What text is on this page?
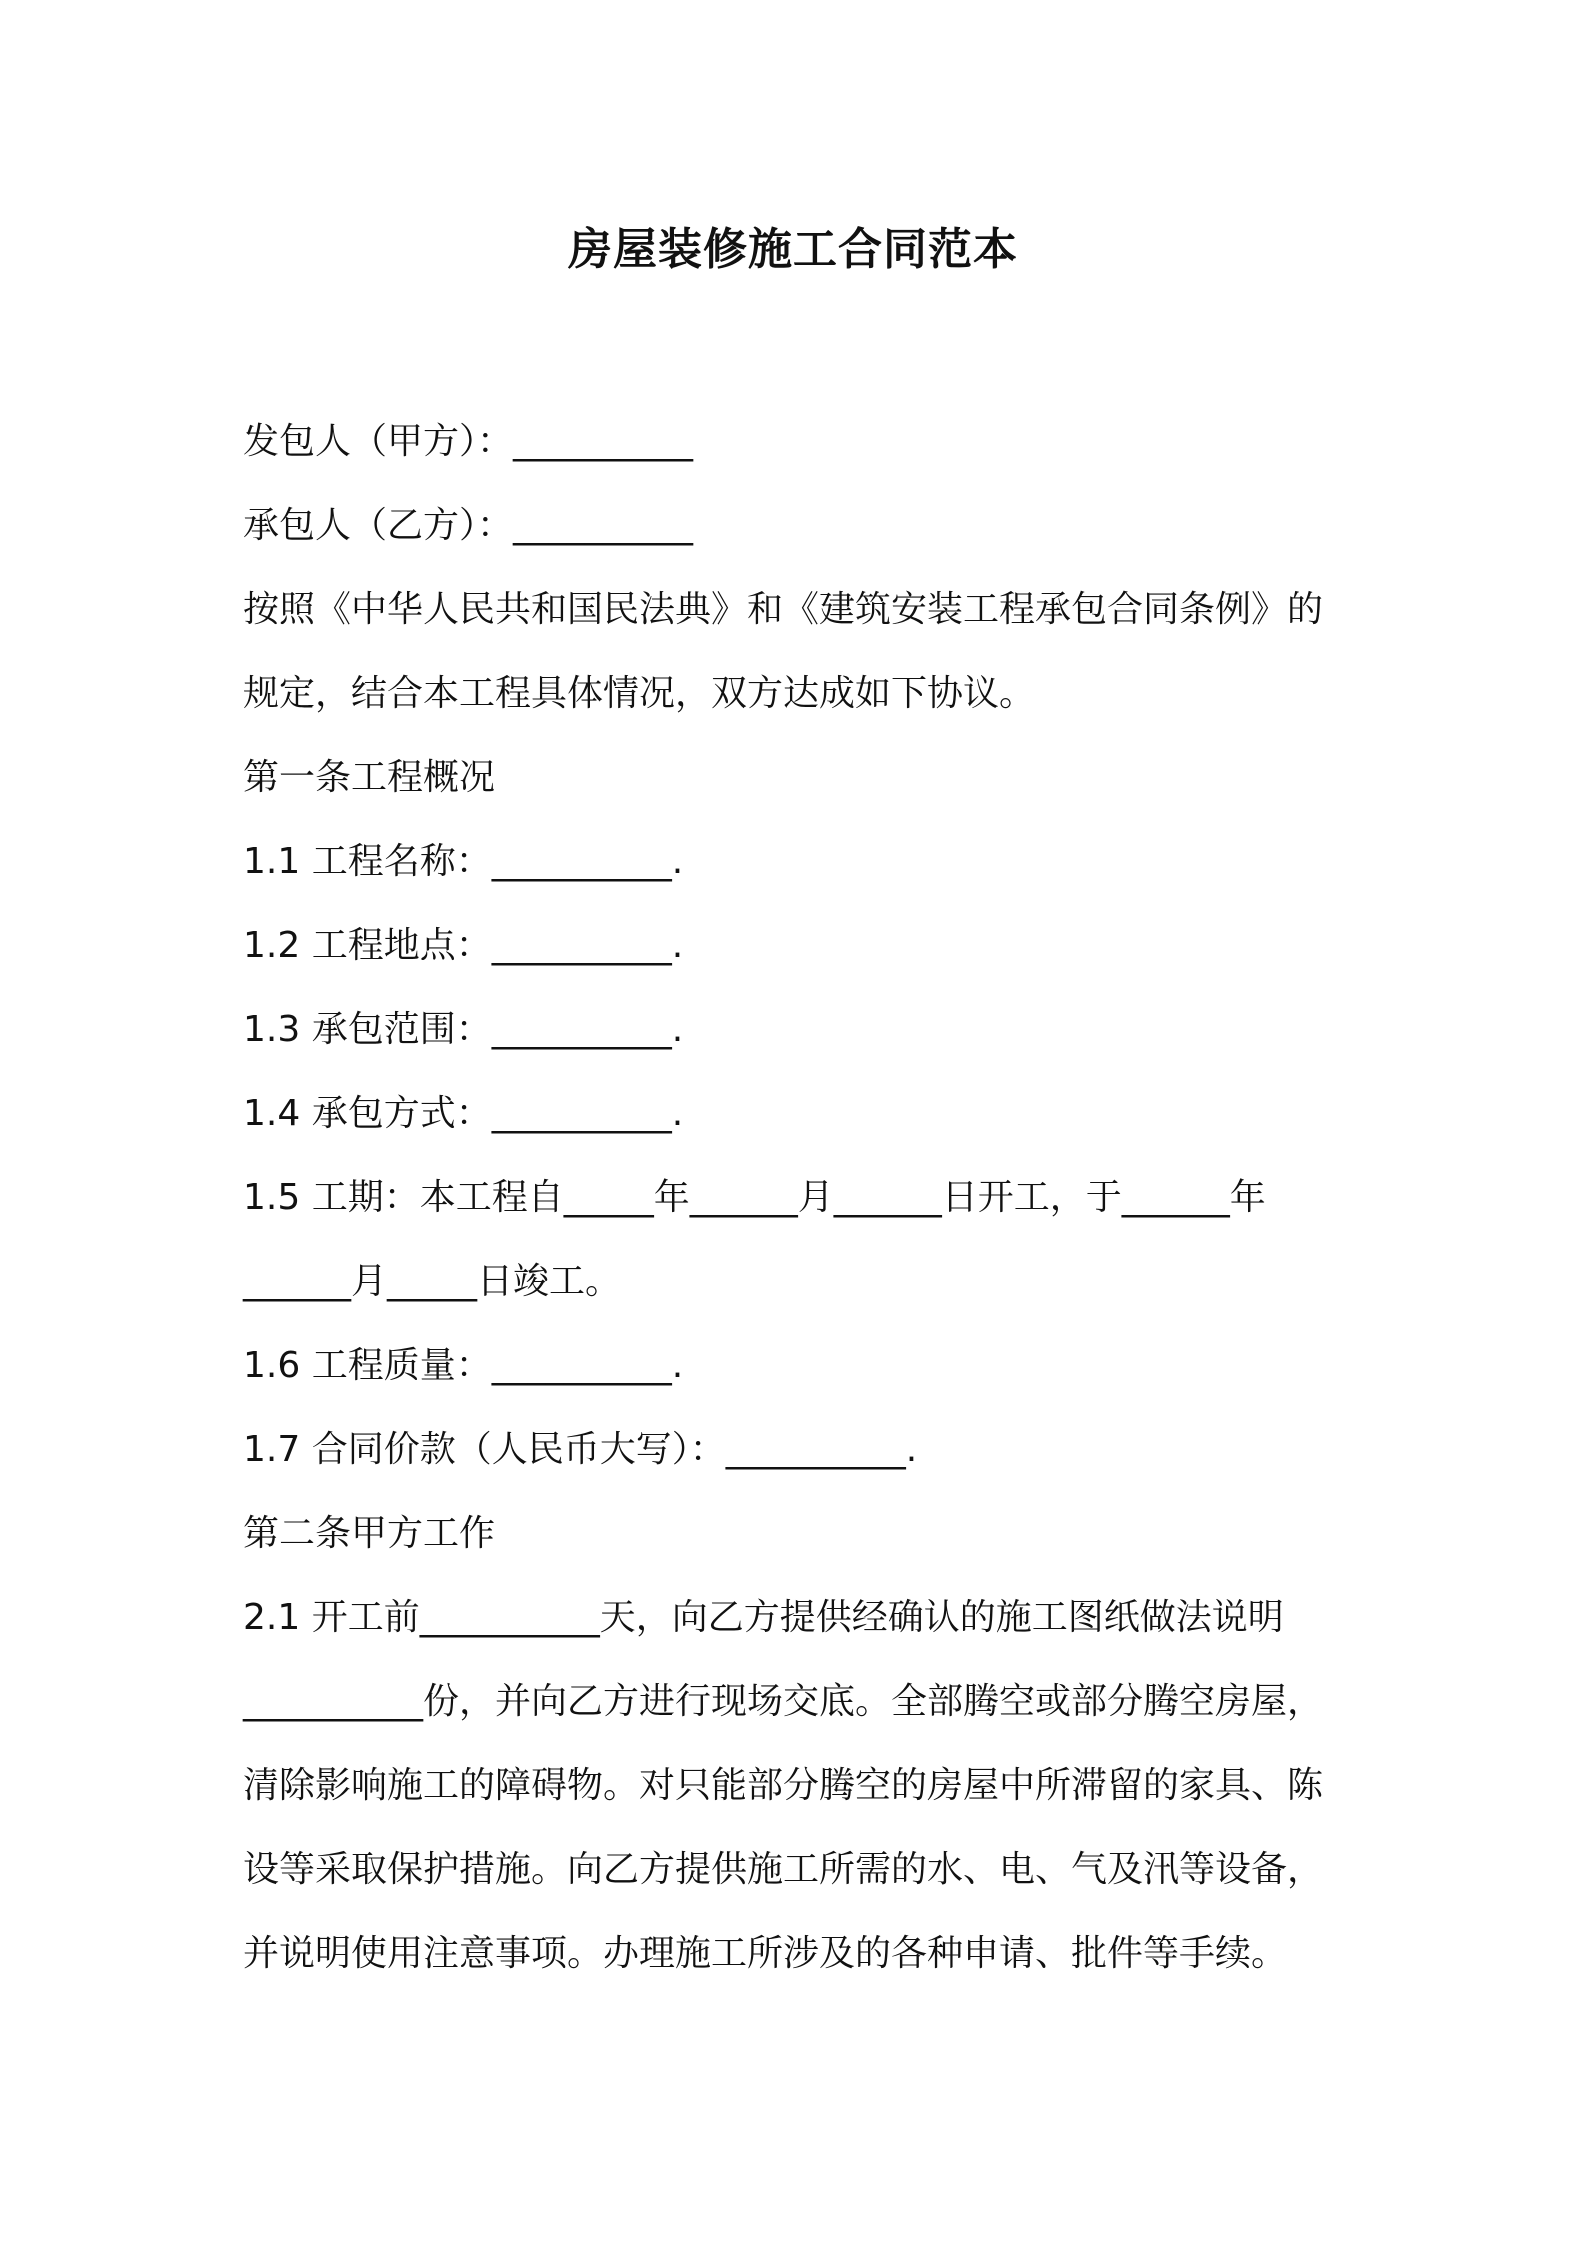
房屋装修施工合同范本

发包人（甲方）：__________

承包人（乙方）：__________

按照《中华人民共和国民法典》和《建筑安装工程承包合同条例》的

规定，结合本工程具体情况，双方达成如下协议。

第一条工程概况

1.1 工程名称：__________.

1.2 工程地点：__________.

1.3 承包范围：__________.

1.4 承包方式：__________.

1.5 工期：本工程自_____年______月______日开工，于______年

______月_____日竣工。

1.6 工程质量：__________.

1.7 合同价款（人民币大写）：__________.

第二条甲方工作

2.1 开工前__________天，向乙方提供经确认的施工图纸做法说明

__________份，并向乙方进行现场交底。全部腾空或部分腾空房屋，

清除影响施工的障碍物。对只能部分腾空的房屋中所滞留的家具、陈

设等采取保护措施。向乙方提供施工所需的水、电、气及汛等设备，

并说明使用注意事项。办理施工所涉及的各种申请、批件等手续。
